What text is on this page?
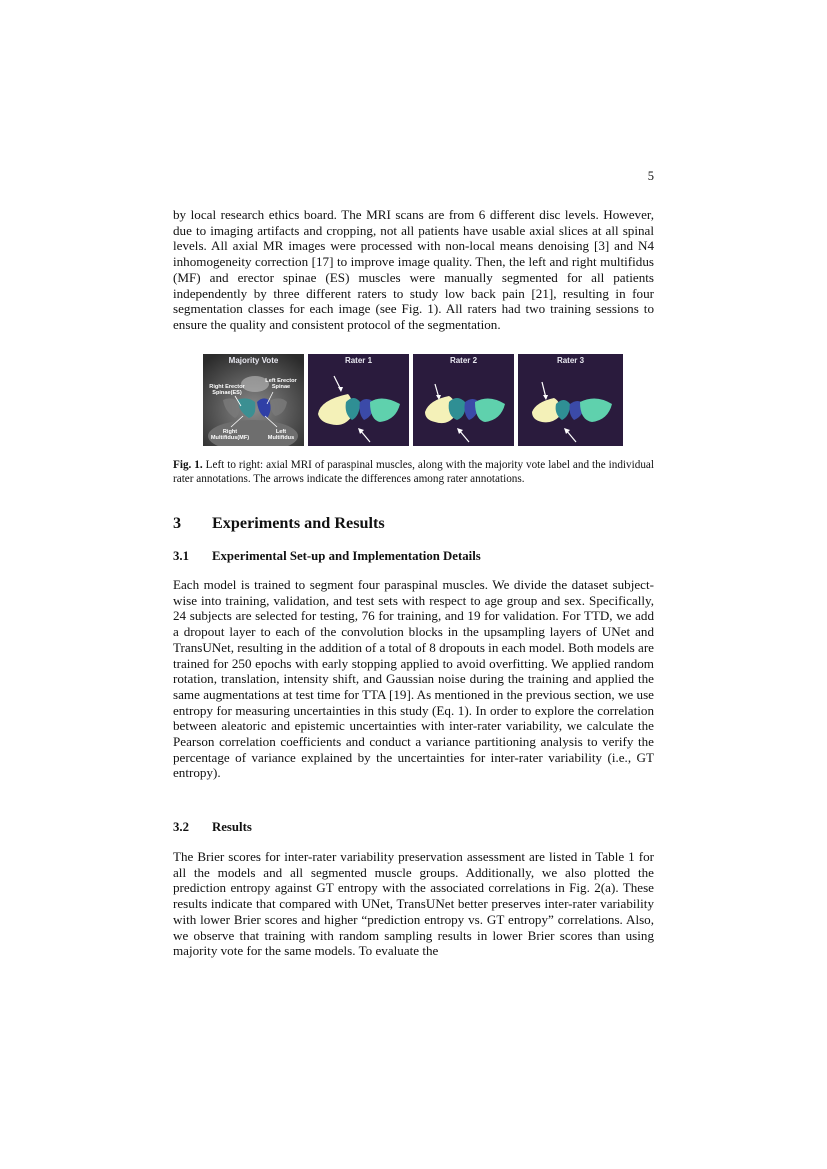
5

by local research ethics board. The MRI scans are from 6 different disc levels. However, due to imaging artifacts and cropping, not all patients have usable axial slices at all spinal levels. All axial MR images were processed with non-local means denoising [3] and N4 inhomogeneity correction [17] to improve image quality. Then, the left and right multifidus (MF) and erector spinae (ES) muscles were manually segmented for all patients independently by three different raters to study low back pain [21], resulting in four segmentation classes for each image (see Fig. 1). All raters had two training sessions to ensure the quality and consistent protocol of the segmentation.

Majority Vote
Right Erector Spinae(ES)
Left Erector Spinae
Right Multifidus(MF)
Left Multifidus
Rater 1	Rater 2	Rater 3

Fig. 1. Left to right: axial MRI of paraspinal muscles, along with the majority vote label and the individual rater annotations. The arrows indicate the differences among rater annotations.

3 Experiments and Results
3.1 Experimental Set-up and Implementation Details

Each model is trained to segment four paraspinal muscles. We divide the dataset subject-wise into training, validation, and test sets with respect to age group and sex. Specifically, 24 subjects are selected for testing, 76 for training, and 19 for validation. For TTD, we add a dropout layer to each of the convolution blocks in the upsampling layers of UNet and TransUNet, resulting in the addition of a total of 8 dropouts in each model. Both models are trained for 250 epochs with early stopping applied to avoid overfitting. We applied random rotation, translation, intensity shift, and Gaussian noise during the training and applied the same augmentations at test time for TTA [19]. As mentioned in the previous section, we use entropy for measuring uncertainties in this study (Eq. 1). In order to explore the correlation between aleatoric and epistemic uncertainties with inter-rater variability, we calculate the Pearson correlation coefficients and conduct a variance partitioning analysis to verify the percentage of variance explained by the uncertainties for inter-rater variability (i.e., GT entropy).

3.2 Results

The Brier scores for inter-rater variability preservation assessment are listed in Table 1 for all the models and all segmented muscle groups. Additionally, we also plotted the prediction entropy against GT entropy with the associated correlations in Fig. 2(a). These results indicate that compared with UNet, TransUNet better preserves inter-rater variability with lower Brier scores and higher “prediction entropy vs. GT entropy” correlations. Also, we observe that training with random sampling results in lower Brier scores than using majority vote for the same models. To evaluate the
